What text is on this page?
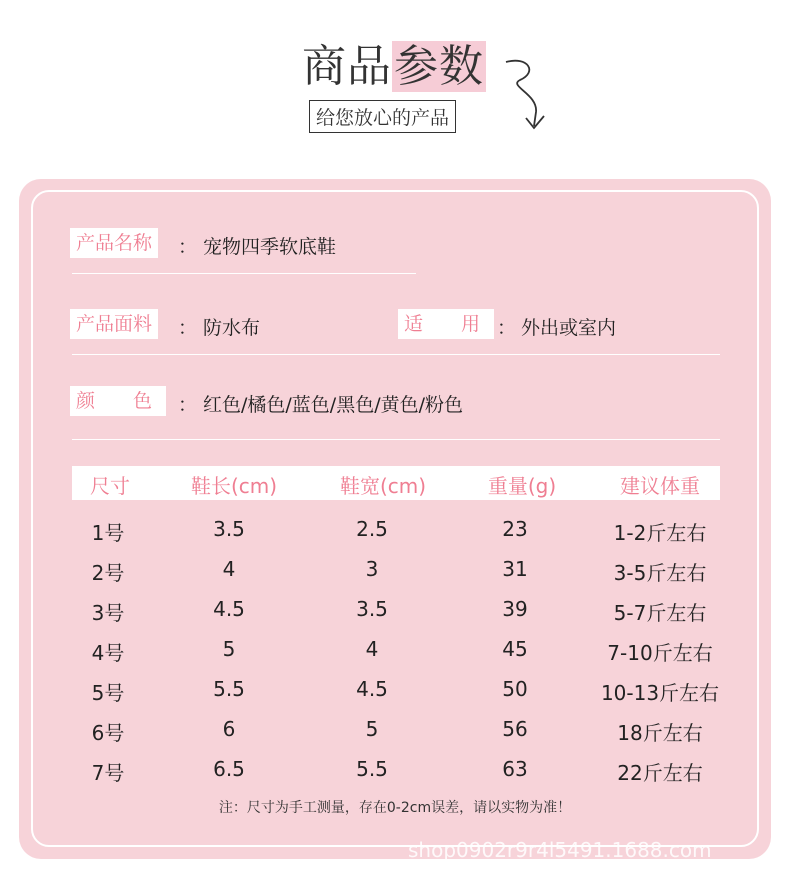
商品参数
给您放心的产品
产品名称	： 宠物四季软底鞋
产品面料	： 防水布	适　　用 ： 外出或室内
颜　　色	： 红色/橘色/蓝色/黑色/黄色/粉色
尺寸	鞋长(cm)	鞋宽(cm)	重量(g)	建议体重
1号	3.5	2.5	23	1-2斤左右
2号	4	3	31	3-5斤左右
3号	4.5	3.5	39	5-7斤左右
4号	5	4	45	7-10斤左右
5号	5.5	4.5	50	10-13斤左右
6号	6	5	56	18斤左右
7号	6.5	5.5	63	22斤左右
注：尺寸为手工测量，存在0-2cm误差，请以实物为准！
shop0902r9r4l5491.1688.com
